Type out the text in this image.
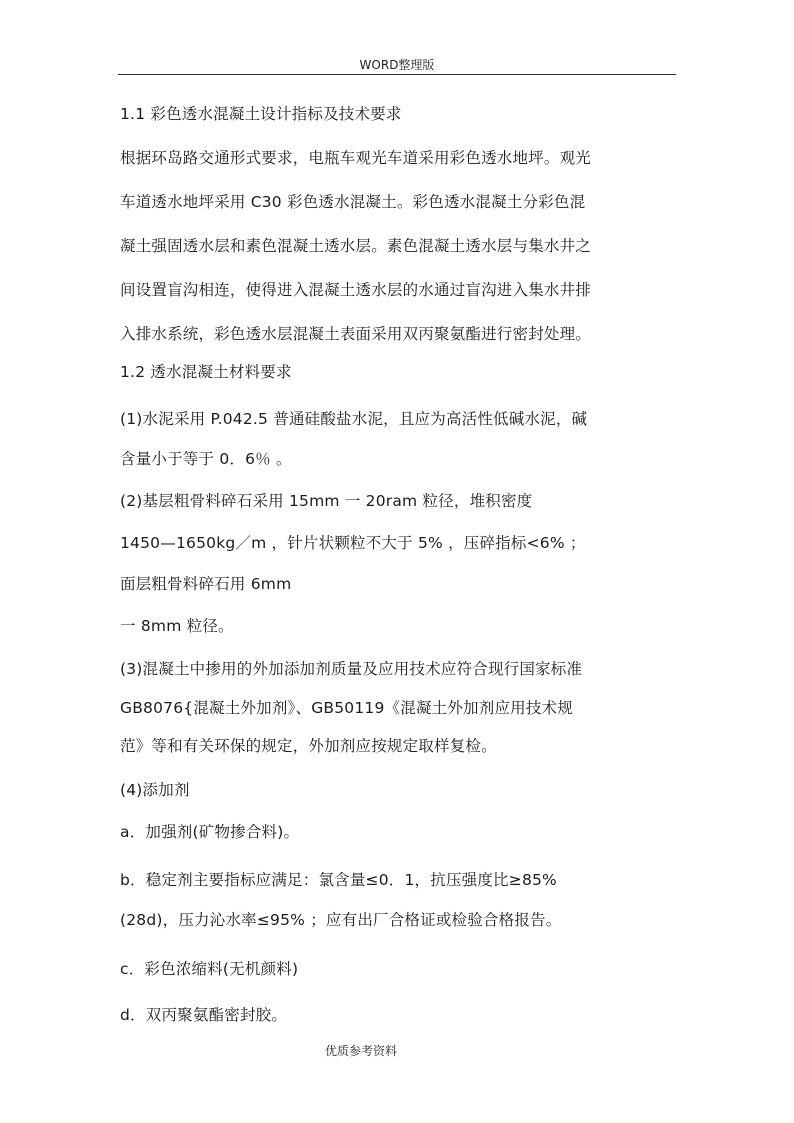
WORD整理版
1.1 彩色透水混凝土设计指标及技术要求
根据环岛路交通形式要求，电瓶车观光车道采用彩色透水地坪。观光
车道透水地坪采用 C30 彩色透水混凝土。彩色透水混凝土分彩色混
凝土强固透水层和素色混凝土透水层。素色混凝土透水层与集水井之
间设置盲沟相连，使得进入混凝土透水层的水通过盲沟进入集水井排
入排水系统，彩色透水层混凝土表面采用双丙聚氨酯进行密封处理。
1.2 透水混凝土材料要求
(1)水泥采用 P.042.5 普通硅酸盐水泥，且应为高活性低碱水泥，碱
含量小于等于 0．6％ 。
(2)基层粗骨料碎石采用 15mm 一 20ram 粒径，堆积密度
1450—1650kg／m ，针片状颗粒不大于 5% ，压碎指标<6% ；
面层粗骨料碎石用 6mm
一 8mm 粒径。
(3)混凝土中掺用的外加添加剂质量及应用技术应符合现行国家标准
GB8076{混凝土外加剂》、GB50119《混凝土外加剂应用技术规
范》等和有关环保的规定，外加剂应按规定取样复检。
(4)添加剂
a．加强剂(矿物掺合料)。
b．稳定剂主要指标应满足：氯含量≤0．1，抗压强度比≥85%
(28d)，压力沁水率≤95% ；应有出厂合格证或检验合格报告。
c．彩色浓缩料(无机颜料)
d．双丙聚氨酯密封胶。
优质参考资料
